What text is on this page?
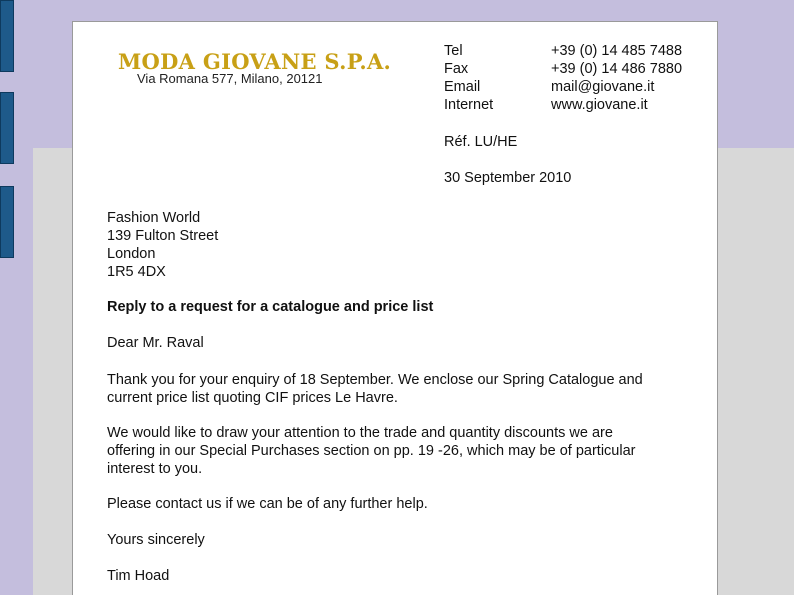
MODA GIOVANE S.P.A.
Via Romana 577, Milano, 20121
Tel
Fax
Email
Internet
+39 (0) 14 485 7488
+39 (0) 14 486 7880
mail@giovane.it
www.giovane.it
Réf. LU/HE
30 September 2010
Fashion World
139 Fulton Street
London
1R5 4DX
Reply to a request for a catalogue and price list
Dear Mr. Raval
Thank you for your enquiry of 18 September. We enclose our Spring Catalogue and
current price list quoting CIF prices Le Havre.
We would like to draw your attention to the trade and quantity discounts we are
offering in our Special Purchases section on pp. 19 -26, which may be of particular
interest to you.
Please contact us if we can be of any further help.
Yours sincerely
Tim Hoad
